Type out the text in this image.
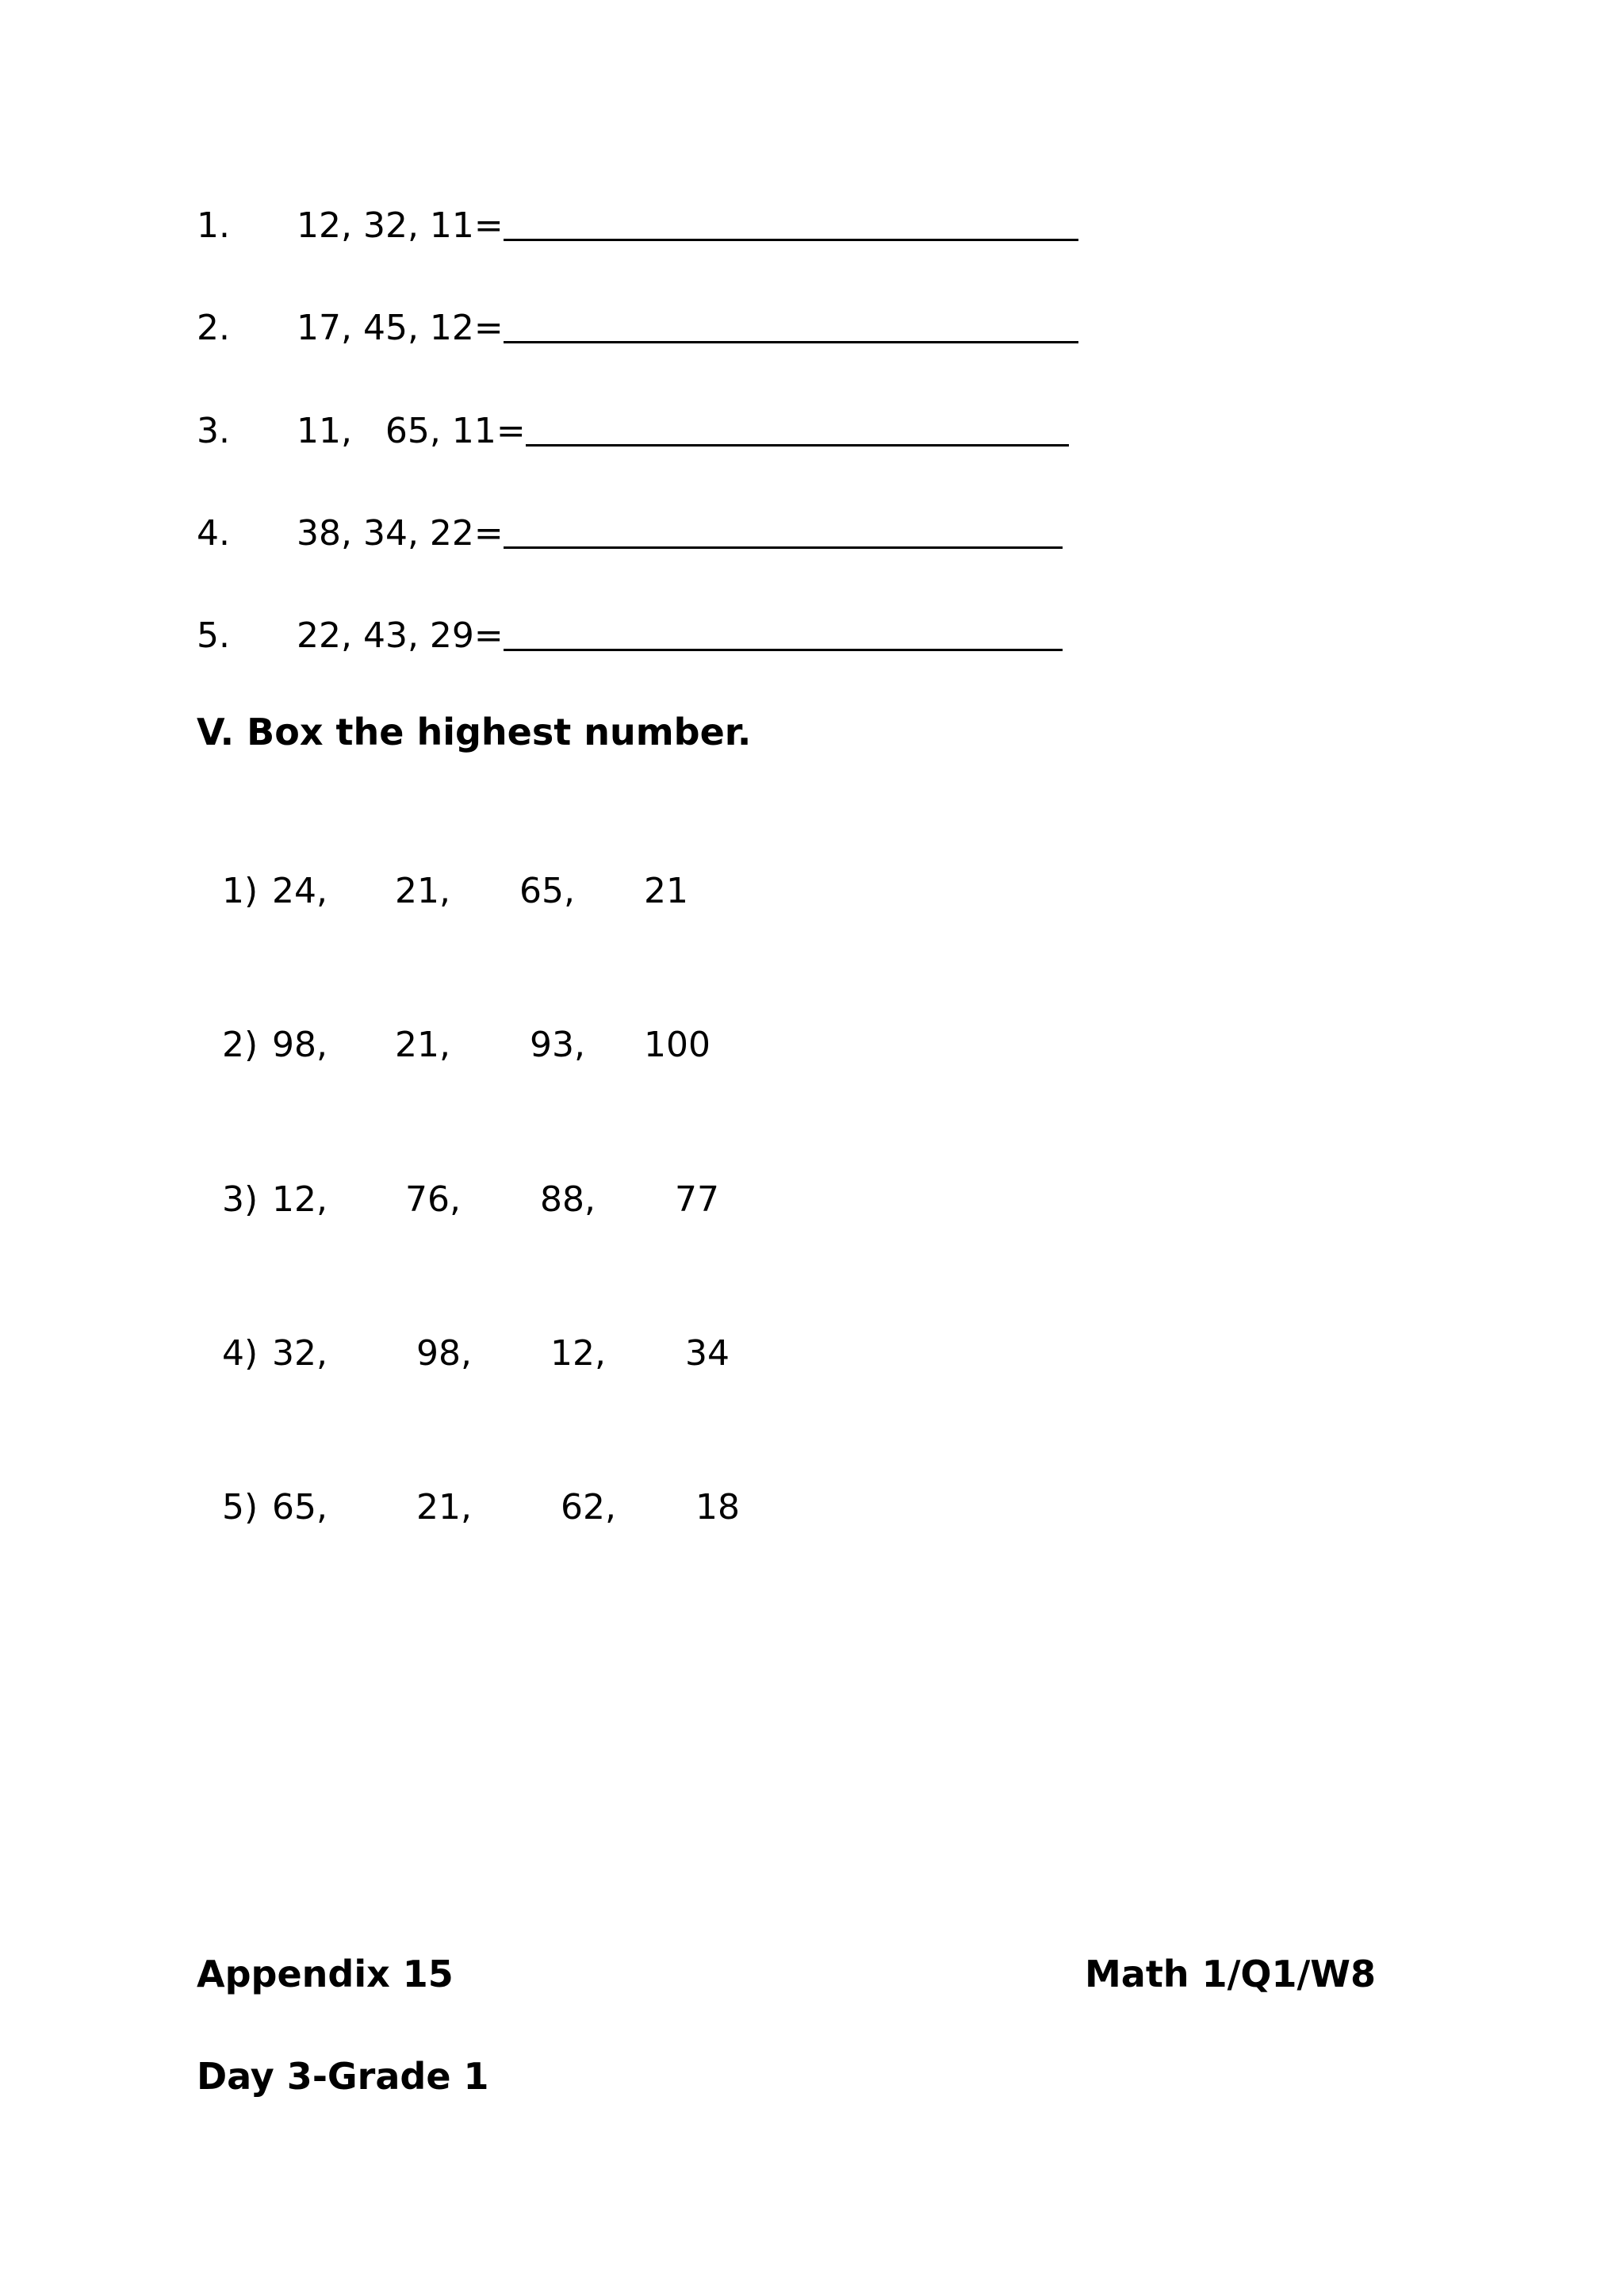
1. 12, 32, 11=
2. 17, 45, 12=
3. 11,   65, 11=
4. 38, 34, 22=
5. 22, 43, 29=
V. Box the highest number.
1) 24, 21, 65, 21
2) 98, 21, 93, 100
3) 12, 76, 88, 77
4) 32,	98, 12, 34
5) 65,	21,	62, 18
Appendix 15	Math 1/Q1/W8
Day 3-Grade 1
